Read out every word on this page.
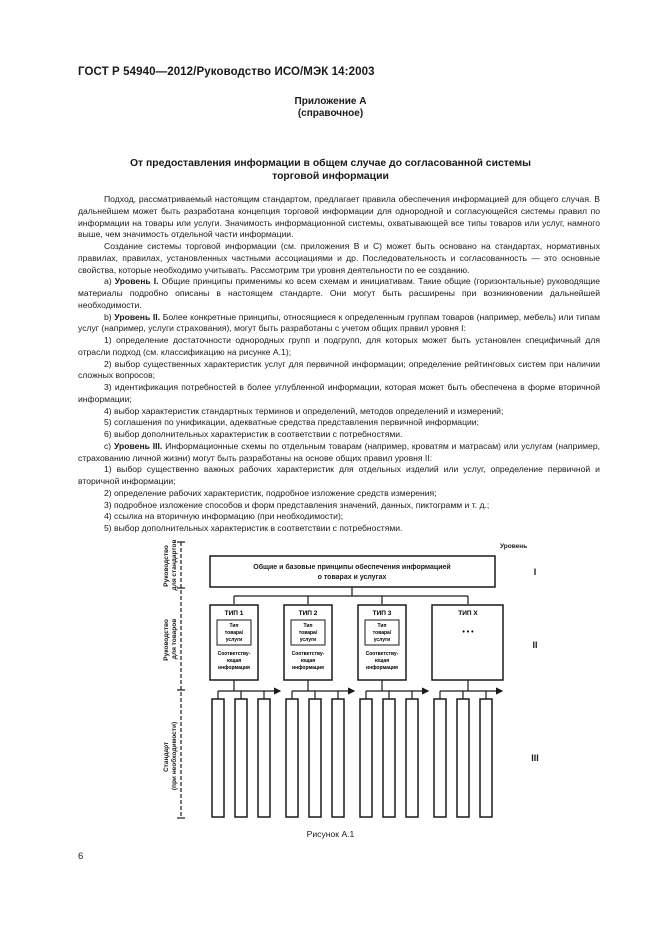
ГОСТ Р 54940—2012/Руководство ИСО/МЭК 14:2003
Приложение А
(справочное)
От предоставления информации в общем случае до согласованной системы
торговой информации

Подход, рассматриваемый настоящим стандартом, предлагает правила обеспечения информацией для общего случая. В дальнейшем может быть разработана концепция торговой информации для однородной и согласующейся системы правил по информации на товары или услуги. Значимость информационной системы, охватывающей все типы товаров или услуг, намного выше, чем значимость отдельной части информации.

Создание системы торговой информации (см. приложения В и С) может быть основано на стандартах, нормативных правилах, правилах, установленных частными ассоциациями и др. Последовательность и согласованность — это основные свойства, которые необходимо учитывать. Рассмотрим три уровня деятельности по ее созданию.

a) Уровень I. Общие принципы применимы ко всем схемам и инициативам. Такие общие (горизонтальные) руководящие материалы подробно описаны в настоящем стандарте. Они могут быть расширены при возникновении дальнейшей необходимости.

b) Уровень II. Более конкретные принципы, относящиеся к определенным группам товаров (например, мебель) или типам услуг (например, услуги страхования), могут быть разработаны с учетом общих правил уровня I:

1) определение достаточности однородных групп и подгрупп, для которых может быть установлен специфичный для отрасли подход (см. классификацию на рисунке А.1);

2) выбор существенных характеристик услуг для первичной информации; определение рейтинговых систем при наличии сложных вопросов;

3) идентификация потребностей в более углубленной информации, которая может быть обеспечена в форме вторичной информации;

4) выбор характеристик стандартных терминов и определений, методов определений и измерений;

5) соглашения по унификации, адекватные средства представления первичной информации;

6) выбор дополнительных характеристик в соответствии с потребностями.

c) Уровень III. Информационные схемы по отдельным товарам (например, кроватям и матрасам) или услугам (например, страхованию личной жизни) могут быть разработаны на основе общих правил уровня II:

1) выбор существенно важных рабочих характеристик для отдельных изделий или услуг, определение первичной и вторичной информации;

2) определение рабочих характеристик, подробное изложение средств измерения;

3) подробное изложение способов и форм представления значений, данных, пиктограмм и т. д.;

4) ссылка на вторичную информацию (при необходимости);

5) выбор дополнительных характеристик в соответствии с потребностями.

Руководство для стандартов
Руководство для товаров
Стандарт (при необходимости)
Уровень
Общие и базовые принципы обеспечения информацией
о товарах и услугах
ТИП 1
Тип
товара/
услуги
Соответству-
ющая
информация
ТИП 2
Тип
товара/
услуги
Соответству-
ющая
информация
ТИП 3
Тип
товара/
услуги
Соответству-
ющая
информация
ТИП X
• • •
I
II
III
Рисунок А.1
6
